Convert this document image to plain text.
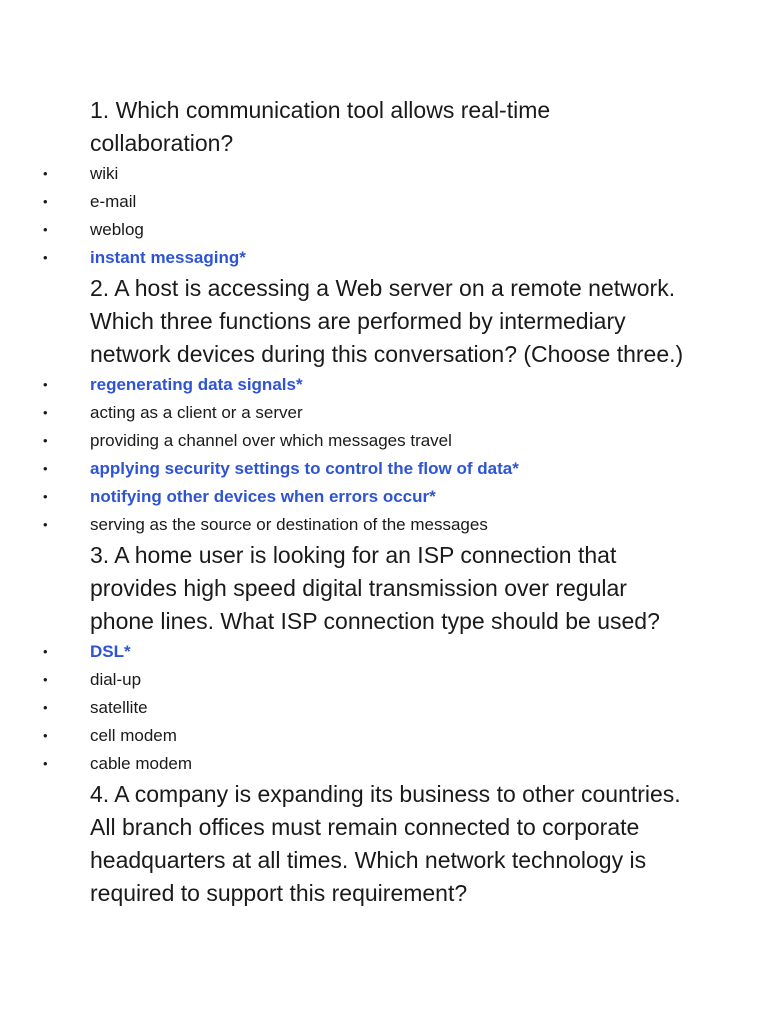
1. Which communication tool allows real-time collaboration?

• wiki
• e-mail
• weblog
• instant messaging*

2. A host is accessing a Web server on a remote network. Which three functions are performed by intermediary network devices during this conversation? (Choose three.)

• regenerating data signals*
• acting as a client or a server
• providing a channel over which messages travel
• applying security settings to control the flow of data*
• notifying other devices when errors occur*
• serving as the source or destination of the messages

3. A home user is looking for an ISP connection that provides high speed digital transmission over regular phone lines. What ISP connection type should be used?

• DSL*
• dial-up
• satellite
• cell modem
• cable modem

4. A company is expanding its business to other countries. All branch offices must remain connected to corporate headquarters at all times. Which network technology is required to support this requirement?
